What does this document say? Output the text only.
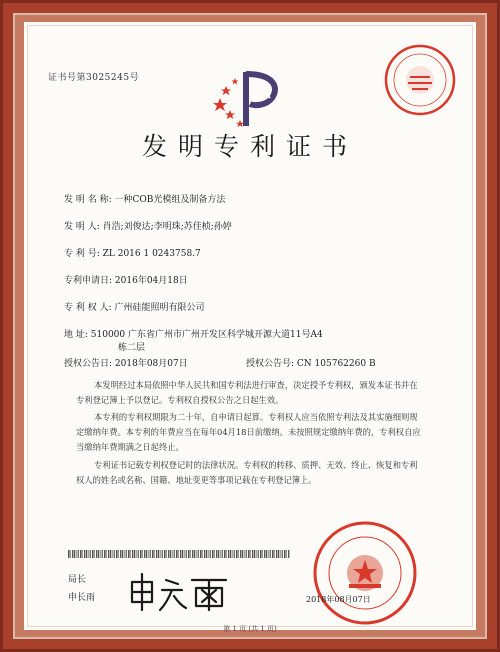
证书号第3025245号
发明专利证书
发 明 名 称: 一种COB光模组及制备方法
发 明 人: 肖浩;刘俊达;李明珠;苏佳桢;孙婷
专 利 号: ZL 2016 1 0243758.7
专利申请日: 2016年04月18日
专 利 权 人: 广州硅能照明有限公司
地 址: 510000 广东省广州市广州开发区科学城开源大道11号A4
栋二层
授权公告日: 2018年08月07日	授权公告号: CN 105762260 B
本发明经过本局依照中华人民共和国专利法进行审查，决定授予专利权，颁发本证书并在专利登记簿上予以登记。专利权自授权公告之日起生效。
本专利的专利权期限为二十年，自申请日起算。专利权人应当依照专利法及其实施细则规定缴纳年费。本专利的年费应当在每年04月18日前缴纳。未按照规定缴纳年费的，专利权自应当缴纳年费期满之日起终止。
专利证书记载专利权登记时的法律状况。专利权的转移、质押、无效、终止、恢复和专利权人的姓名或名称、国籍、地址变更等事项记载在专利登记簿上。
局长
申长雨	2018年08月07日
第 1 页 (共 1 页)
